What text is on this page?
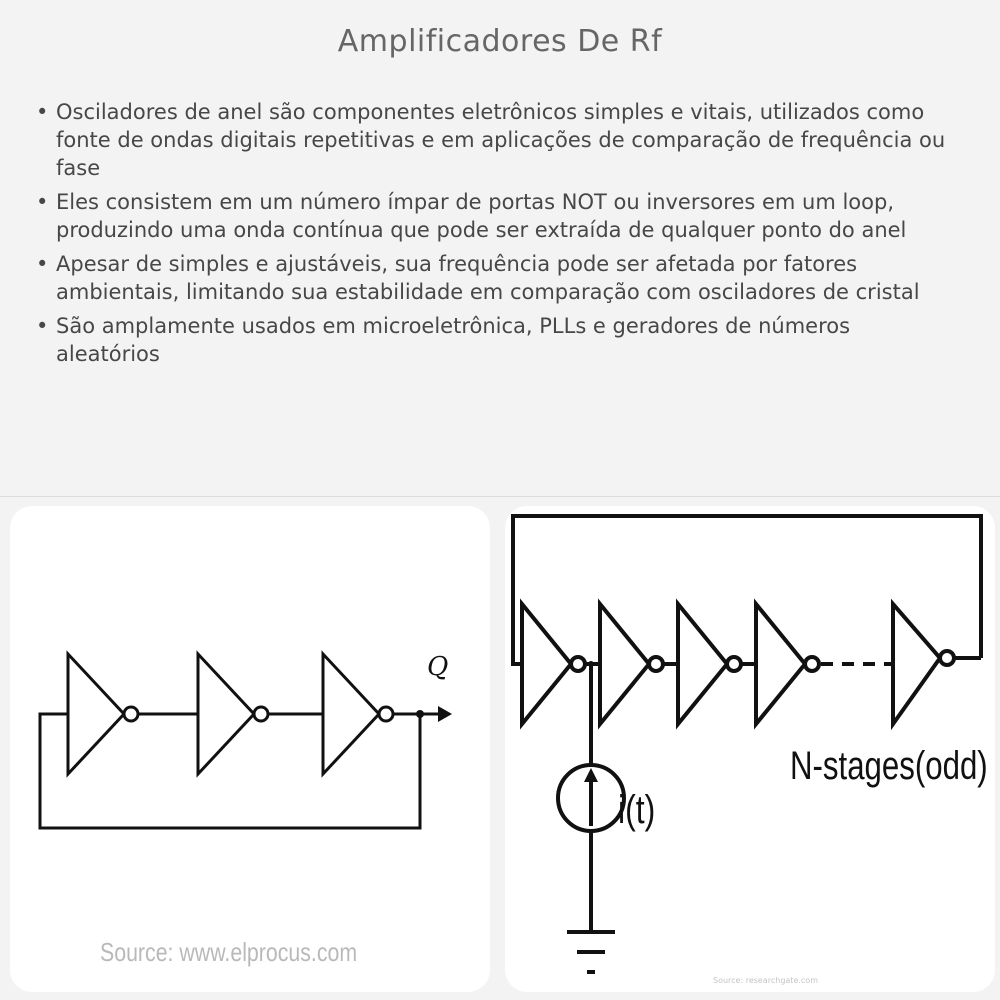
Amplificadores De Rf
• Osciladores de anel são componentes eletrônicos simples e vitais, utilizados como fonte de ondas digitais repetitivas e em aplicações de comparação de frequência ou fase
• Eles consistem em um número ímpar de portas NOT ou inversores em um loop, produzindo uma onda contínua que pode ser extraída de qualquer ponto do anel
• Apesar de simples e ajustáveis, sua frequência pode ser afetada por fatores ambientais, limitando sua estabilidade em comparação com osciladores de cristal
• São amplamente usados em microeletrônica, PLLs e geradores de números aleatórios
Source: www.elprocus.com
Q
Source: researchgate.com
N-stages(odd)
i(t)
